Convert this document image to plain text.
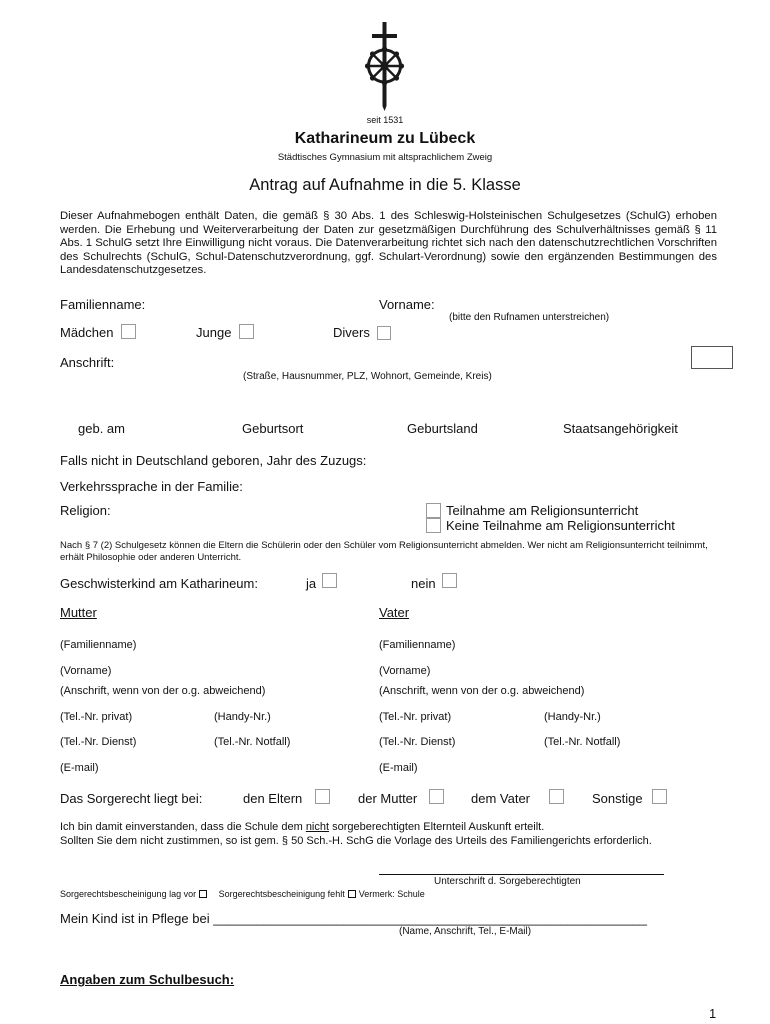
seit 1531
Katharineum zu Lübeck
Städtisches Gymnasium mit altsprachlichem Zweig
Antrag auf Aufnahme in die 5. Klasse
Dieser Aufnahmebogen enthält Daten, die gemäß § 30 Abs. 1 des Schleswig-Holsteinischen Schulgesetzes (SchulG) erhoben werden. Die Erhebung und Weiterverarbeitung der Daten zur gesetzmäßigen Durchführung des Schulverhältnisses gemäß § 11 Abs. 1 SchulG setzt Ihre Einwilligung nicht voraus. Die Datenverarbeitung richtet sich nach den datenschutzrechtlichen Vorschriften des Schulrechts (SchulG, Schul-Datenschutzverordnung, ggf. Schulart-Verordnung) sowie den ergänzenden Bestimmungen des Landesdatenschutzgesetzes.
Familienname:	Vorname:
(bitte den Rufnamen unterstreichen)
Mädchen	Junge	Divers
Anschrift:
(Straße, Hausnummer, PLZ, Wohnort, Gemeinde, Kreis)
geb. am	Geburtsort	Geburtsland	Staatsangehörigkeit
Falls nicht in Deutschland geboren, Jahr des Zuzugs:
Verkehrssprache in der Familie:
Religion:	Teilnahme am Religionsunterricht
Keine Teilnahme am Religionsunterricht
Nach § 7 (2) Schulgesetz können die Eltern die Schülerin oder den Schüler vom Religionsunterricht abmelden. Wer nicht am Religionsunterricht teilnimmt, erhält Philosophie oder anderen Unterricht.
Geschwisterkind am Katharineum:	ja	nein
Mutter	Vater
(Familienname)	(Familienname)
(Vorname)	(Vorname)
(Anschrift, wenn von der o.g. abweichend)	(Anschrift, wenn von der o.g. abweichend)
(Tel.-Nr. privat)	(Handy-Nr.)	(Tel.-Nr. privat)	(Handy-Nr.)
(Tel.-Nr. Dienst)	(Tel.-Nr. Notfall)	(Tel.-Nr. Dienst)	(Tel.-Nr. Notfall)
(E-mail)	(E-mail)
Das Sorgerecht liegt bei:	den Eltern	der Mutter	dem Vater	Sonstige
Ich bin damit einverstanden, dass die Schule dem nicht sorgeberechtigten Elternteil Auskunft erteilt.
Sollten Sie dem nicht zustimmen, so ist gem. § 50 Sch.-H. SchG die Vorlage des Urteils des Familiengerichts erforderlich.
Unterschrift d. Sorgeberechtigten
Sorgerechtsbescheinigung lag vor	Sorgerechtsbescheinigung fehlt Vermerk: Schule
Mein Kind ist in Pflege bei ____________________________________________________________
(Name, Anschrift, Tel., E-Mail)
Angaben zum Schulbesuch:
1
